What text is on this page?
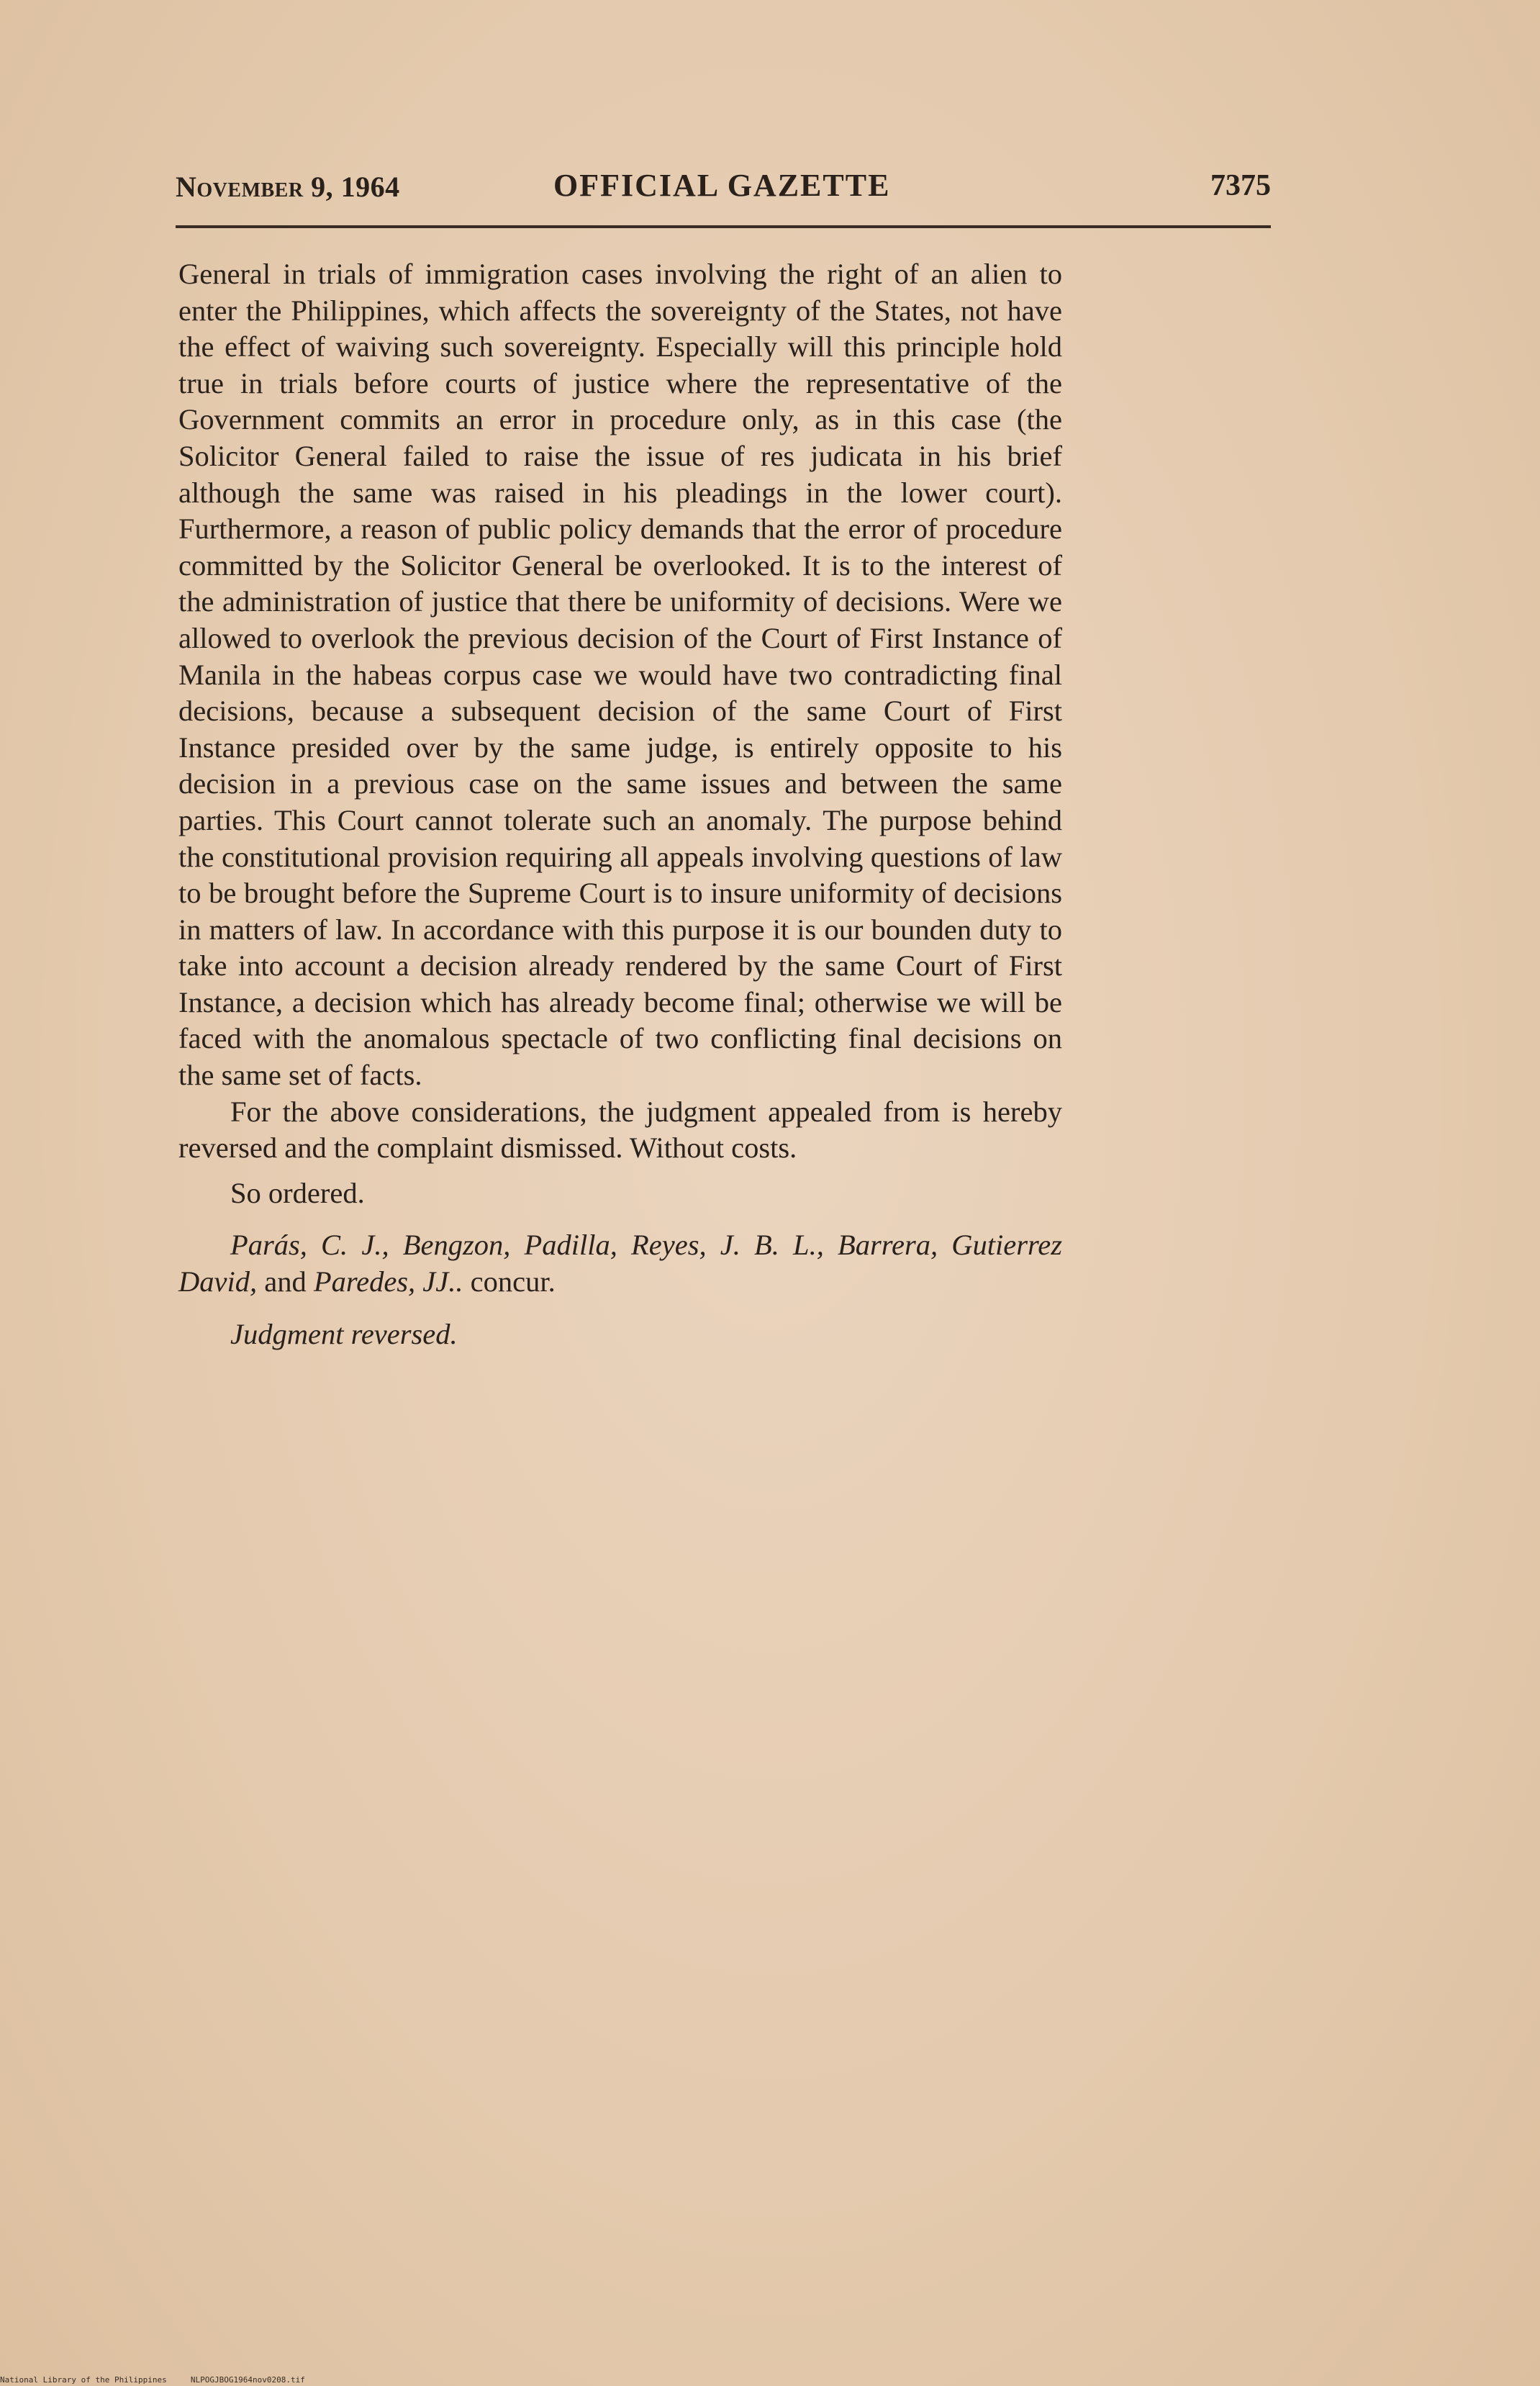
November 9, 1964	OFFICIAL GAZETTE	7375

General in trials of immigration cases involving the right of an alien to enter the Philippines, which affects the sovereignty of the States, not have the effect of waiving such sovereignty. Especially will this principle hold true in trials before courts of justice where the representative of the Government commits an error in procedure only, as in this case (the Solicitor General failed to raise the issue of res judicata in his brief although the same was raised in his pleadings in the lower court). Furthermore, a reason of public policy demands that the error of procedure committed by the Solicitor General be overlooked. It is to the interest of the administration of justice that there be uniformity of decisions. Were we allowed to overlook the previous decision of the Court of First Instance of Manila in the habeas corpus case we would have two contradicting final decisions, because a subsequent decision of the same Court of First Instance presided over by the same judge, is entirely opposite to his decision in a previous case on the same issues and between the same parties. This Court cannot tolerate such an anomaly. The purpose behind the constitutional provision requiring all appeals involving questions of law to be brought before the Supreme Court is to insure uniformity of decisions in matters of law. In accordance with this purpose it is our bounden duty to take into account a decision already rendered by the same Court of First Instance, a decision which has already become final; otherwise we will be faced with the anomalous spectacle of two conflicting final decisions on the same set of facts.

For the above considerations, the judgment appealed from is hereby reversed and the complaint dismissed. Without costs.

So ordered.

Parás, C. J., Bengzon, Padilla, Reyes, J. B. L., Barrera, Gutierrez David, and Paredes, JJ.. concur.

Judgment reversed.

National Library of the Philippines     NLPOGJBOG1964nov0208.tif
